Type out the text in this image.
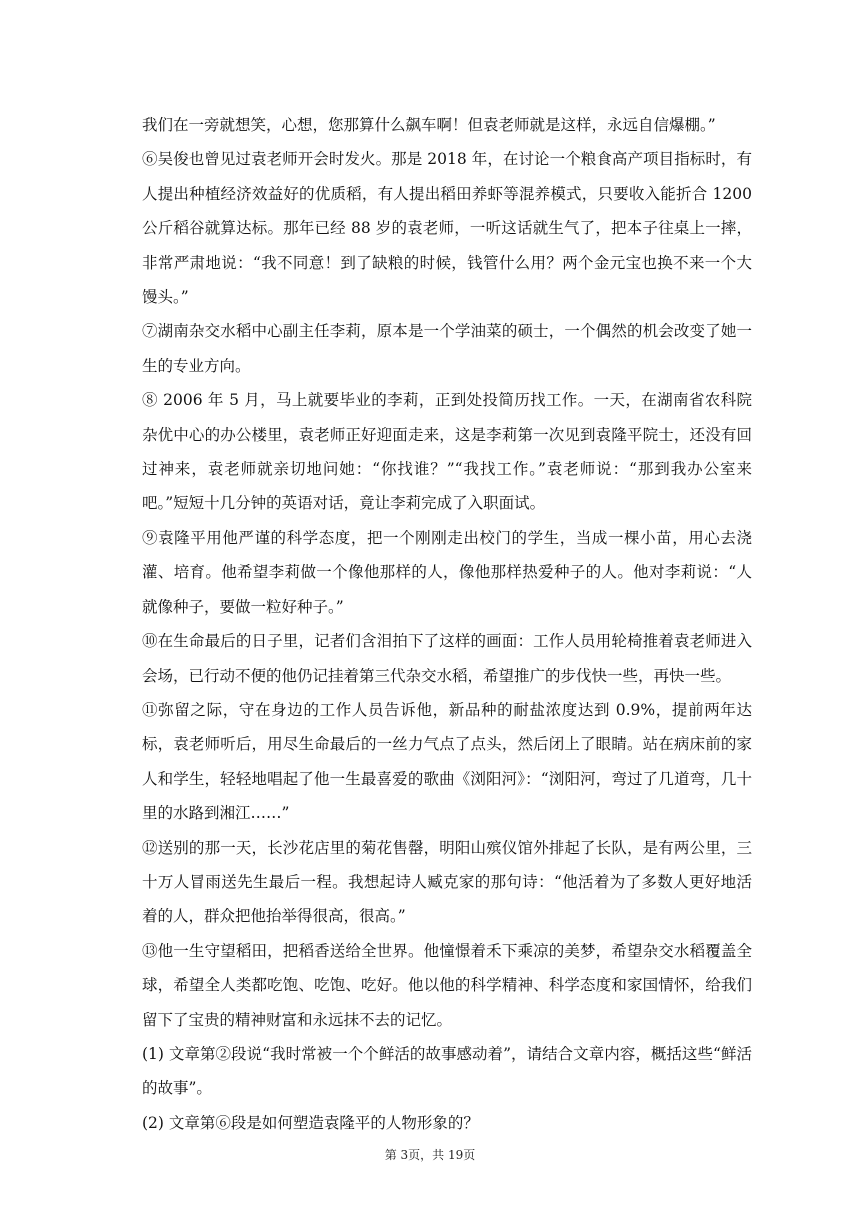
我们在一旁就想笑，心想，您那算什么飙车啊！但袁老师就是这样，永远自信爆棚。”

⑥吴俊也曾见过袁老师开会时发火。那是 2018 年，在讨论一个粮食高产项目指标时，有人提出种植经济效益好的优质稻，有人提出稻田养虾等混养模式，只要收入能折合 1200 公斤稻谷就算达标。那年已经 88 岁的袁老师，一听这话就生气了，把本子往桌上一摔，非常严肃地说：“我不同意！到了缺粮的时候，钱管什么用？两个金元宝也换不来一个大馒头。”

⑦湖南杂交水稻中心副主任李莉，原本是一个学油菜的硕士，一个偶然的机会改变了她一生的专业方向。

⑧ 2006 年 5 月，马上就要毕业的李莉，正到处投简历找工作。一天，在湖南省农科院杂优中心的办公楼里，袁老师正好迎面走来，这是李莉第一次见到袁隆平院士，还没有回过神来，袁老师就亲切地问她：“你找谁？”“我找工作。”袁老师说：“那到我办公室来吧。”短短十几分钟的英语对话，竟让李莉完成了入职面试。

⑨袁隆平用他严谨的科学态度，把一个刚刚走出校门的学生，当成一棵小苗，用心去浇灌、培育。他希望李莉做一个像他那样的人，像他那样热爱种子的人。他对李莉说：“人就像种子，要做一粒好种子。”

⑩在生命最后的日子里，记者们含泪拍下了这样的画面：工作人员用轮椅推着袁老师进入会场，已行动不便的他仍记挂着第三代杂交水稻，希望推广的步伐快一些，再快一些。

⑪弥留之际，守在身边的工作人员告诉他，新品种的耐盐浓度达到 0.9%，提前两年达标，袁老师听后，用尽生命最后的一丝力气点了点头，然后闭上了眼睛。站在病床前的家人和学生，轻轻地唱起了他一生最喜爱的歌曲《浏阳河》：“浏阳河，弯过了几道弯，几十里的水路到湘江……”

⑫送别的那一天，长沙花店里的菊花售罄，明阳山殡仪馆外排起了长队，是有两公里，三十万人冒雨送先生最后一程。我想起诗人臧克家的那句诗：“他活着为了多数人更好地活着的人，群众把他抬举得很高，很高。”

⑬他一生守望稻田，把稻香送给全世界。他憧憬着禾下乘凉的美梦，希望杂交水稻覆盖全球，希望全人类都吃饱、吃饱、吃好。他以他的科学精神、科学态度和家国情怀，给我们留下了宝贵的精神财富和永远抹不去的记忆。

(1) 文章第②段说“我时常被一个个鲜活的故事感动着”，请结合文章内容，概括这些“鲜活的故事”。

(2) 文章第⑥段是如何塑造袁隆平的人物形象的？

第 3页，共 19页
